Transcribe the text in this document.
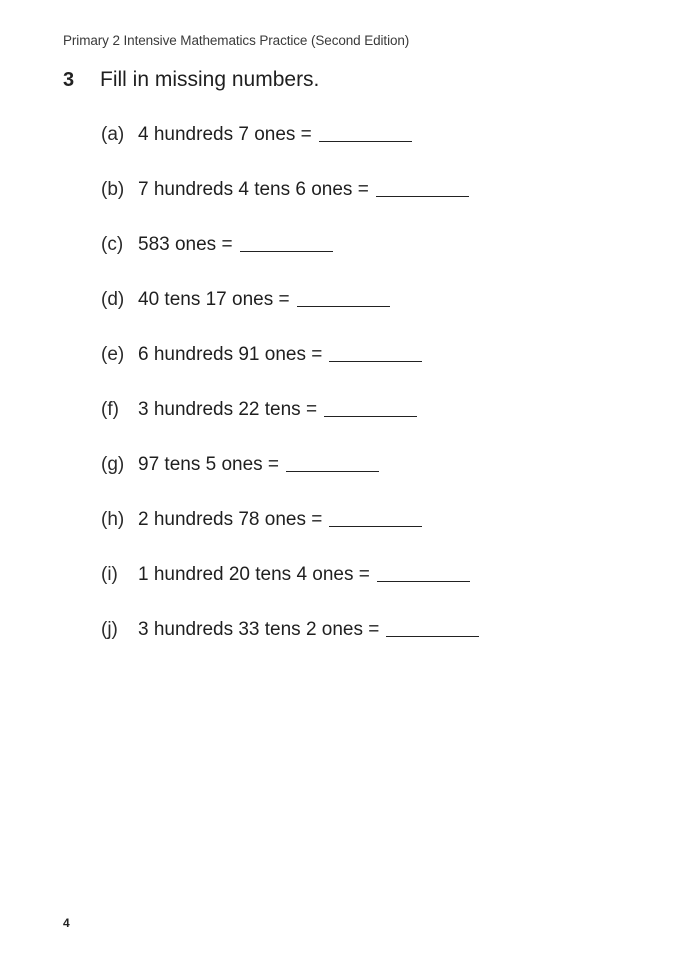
Primary 2 Intensive Mathematics Practice (Second Edition)
3	Fill in missing numbers.
(a) 4 hundreds 7 ones =
(b) 7 hundreds 4 tens 6 ones =
(c) 583 ones =
(d) 40 tens 17 ones =
(e) 6 hundreds 91 ones =
(f)	3 hundreds 22 tens =
(g) 97 tens 5 ones =
(h) 2 hundreds 78 ones =
(i)	1 hundred 20 tens 4 ones =
(j)	3 hundreds 33 tens 2 ones =
4
